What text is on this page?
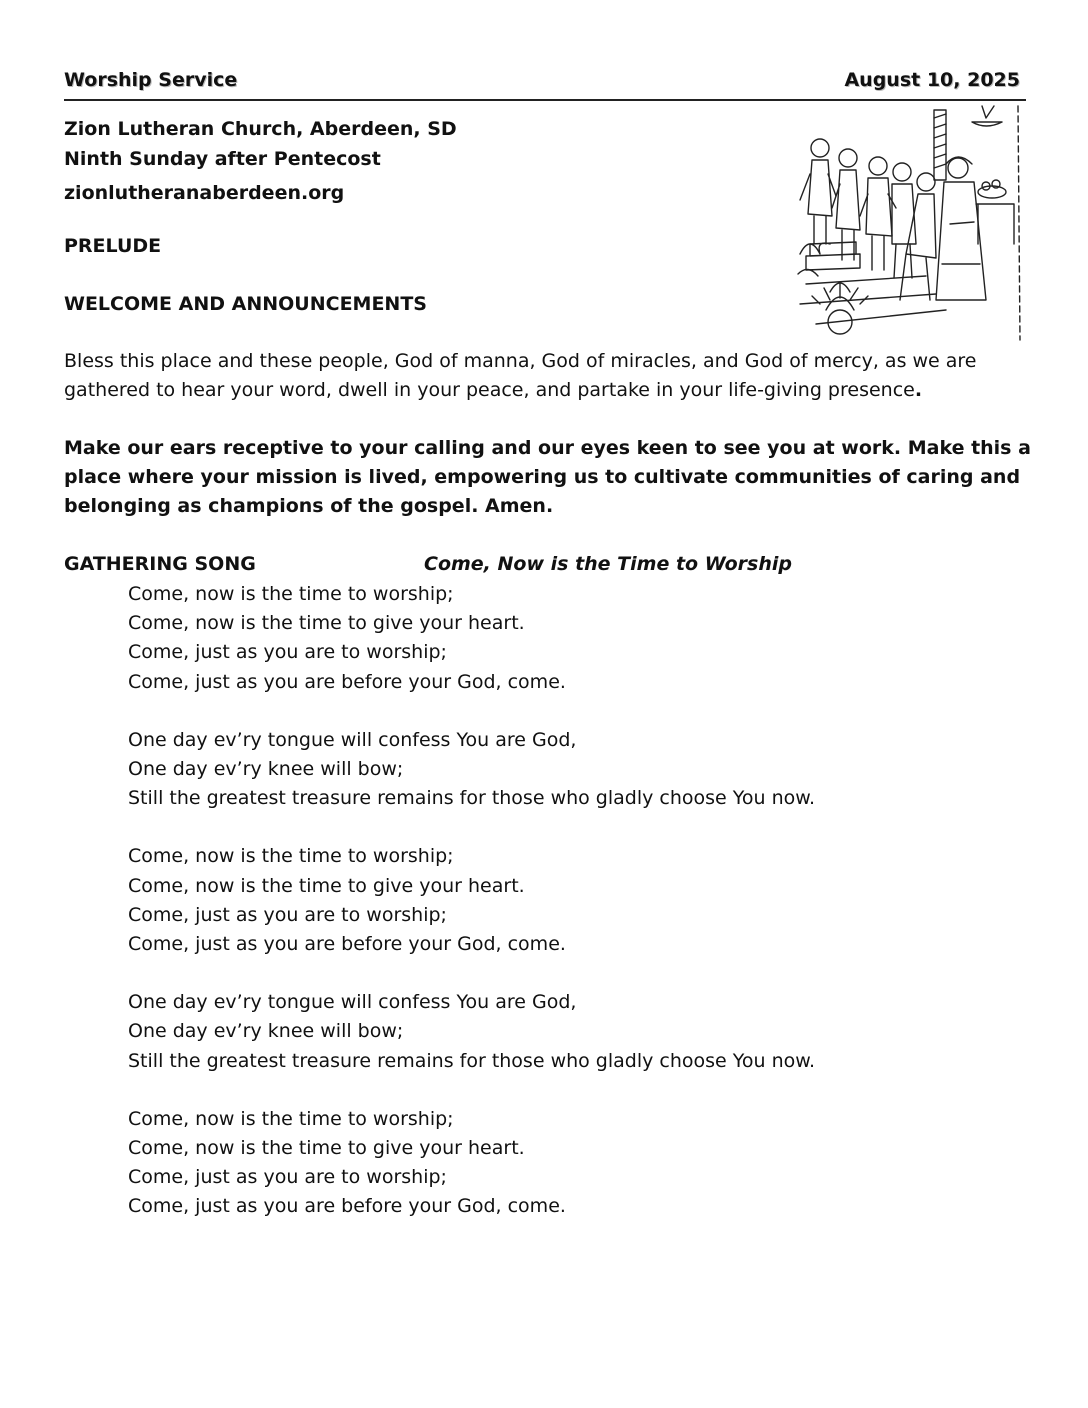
Worship Service	August 10, 2025
Zion Lutheran Church, Aberdeen, SD
Ninth Sunday after Pentecost
zionlutheranaberdeen.org
PRELUDE
WELCOME AND ANNOUNCEMENTS
Bless this place and these people, God of manna, God of miracles, and God of mercy, as we are gathered to hear your word, dwell in your peace, and partake in your life-giving presence.
Make our ears receptive to your calling and our eyes keen to see you at work. Make this a place where your mission is lived, empowering us to cultivate communities of caring and belonging as champions of the gospel. Amen.
GATHERING SONG	Come, Now is the Time to Worship
Come, now is the time to worship;
Come, now is the time to give your heart.
Come, just as you are to worship;
Come, just as you are before your God, come.
One day ev’ry tongue will confess You are God,
One day ev’ry knee will bow;
Still the greatest treasure remains for those who gladly choose You now.
Come, now is the time to worship;
Come, now is the time to give your heart.
Come, just as you are to worship;
Come, just as you are before your God, come.
One day ev’ry tongue will confess You are God,
One day ev’ry knee will bow;
Still the greatest treasure remains for those who gladly choose You now.
Come, now is the time to worship;
Come, now is the time to give your heart.
Come, just as you are to worship;
Come, just as you are before your God, come.
